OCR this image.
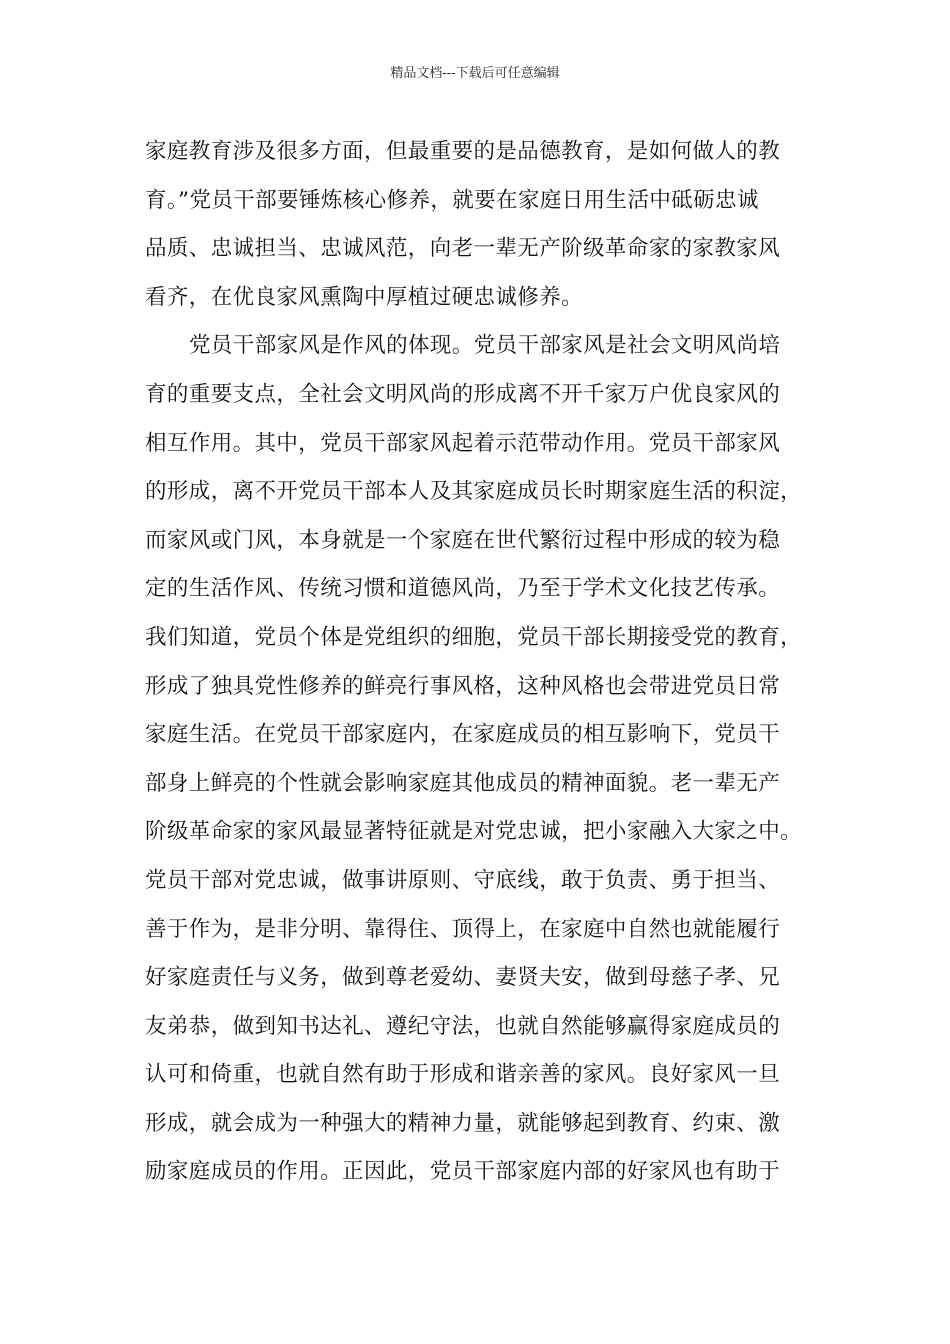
精品文档---下载后可任意编辑
家庭教育涉及很多方面，但最重要的是品德教育，是如何做人的教
育。”党员干部要锤炼核心修养，就要在家庭日用生活中砥砺忠诚
品质、忠诚担当、忠诚风范，向老一辈无产阶级革命家的家教家风
看齐，在优良家风熏陶中厚植过硬忠诚修养。
党员干部家风是作风的体现。党员干部家风是社会文明风尚培
育的重要支点，全社会文明风尚的形成离不开千家万户优良家风的
相互作用。其中，党员干部家风起着示范带动作用。党员干部家风
的形成，离不开党员干部本人及其家庭成员长时期家庭生活的积淀，
而家风或门风，本身就是一个家庭在世代繁衍过程中形成的较为稳
定的生活作风、传统习惯和道德风尚，乃至于学术文化技艺传承。
我们知道，党员个体是党组织的细胞，党员干部长期接受党的教育，
形成了独具党性修养的鲜亮行事风格，这种风格也会带进党员日常
家庭生活。在党员干部家庭内，在家庭成员的相互影响下，党员干
部身上鲜亮的个性就会影响家庭其他成员的精神面貌。老一辈无产
阶级革命家的家风最显著特征就是对党忠诚，把小家融入大家之中。
党员干部对党忠诚，做事讲原则、守底线，敢于负责、勇于担当、
善于作为，是非分明、靠得住、顶得上，在家庭中自然也就能履行
好家庭责任与义务，做到尊老爱幼、妻贤夫安，做到母慈子孝、兄
友弟恭，做到知书达礼、遵纪守法，也就自然能够赢得家庭成员的
认可和倚重，也就自然有助于形成和谐亲善的家风。良好家风一旦
形成，就会成为一种强大的精神力量，就能够起到教育、约束、激
励家庭成员的作用。正因此，党员干部家庭内部的好家风也有助于
